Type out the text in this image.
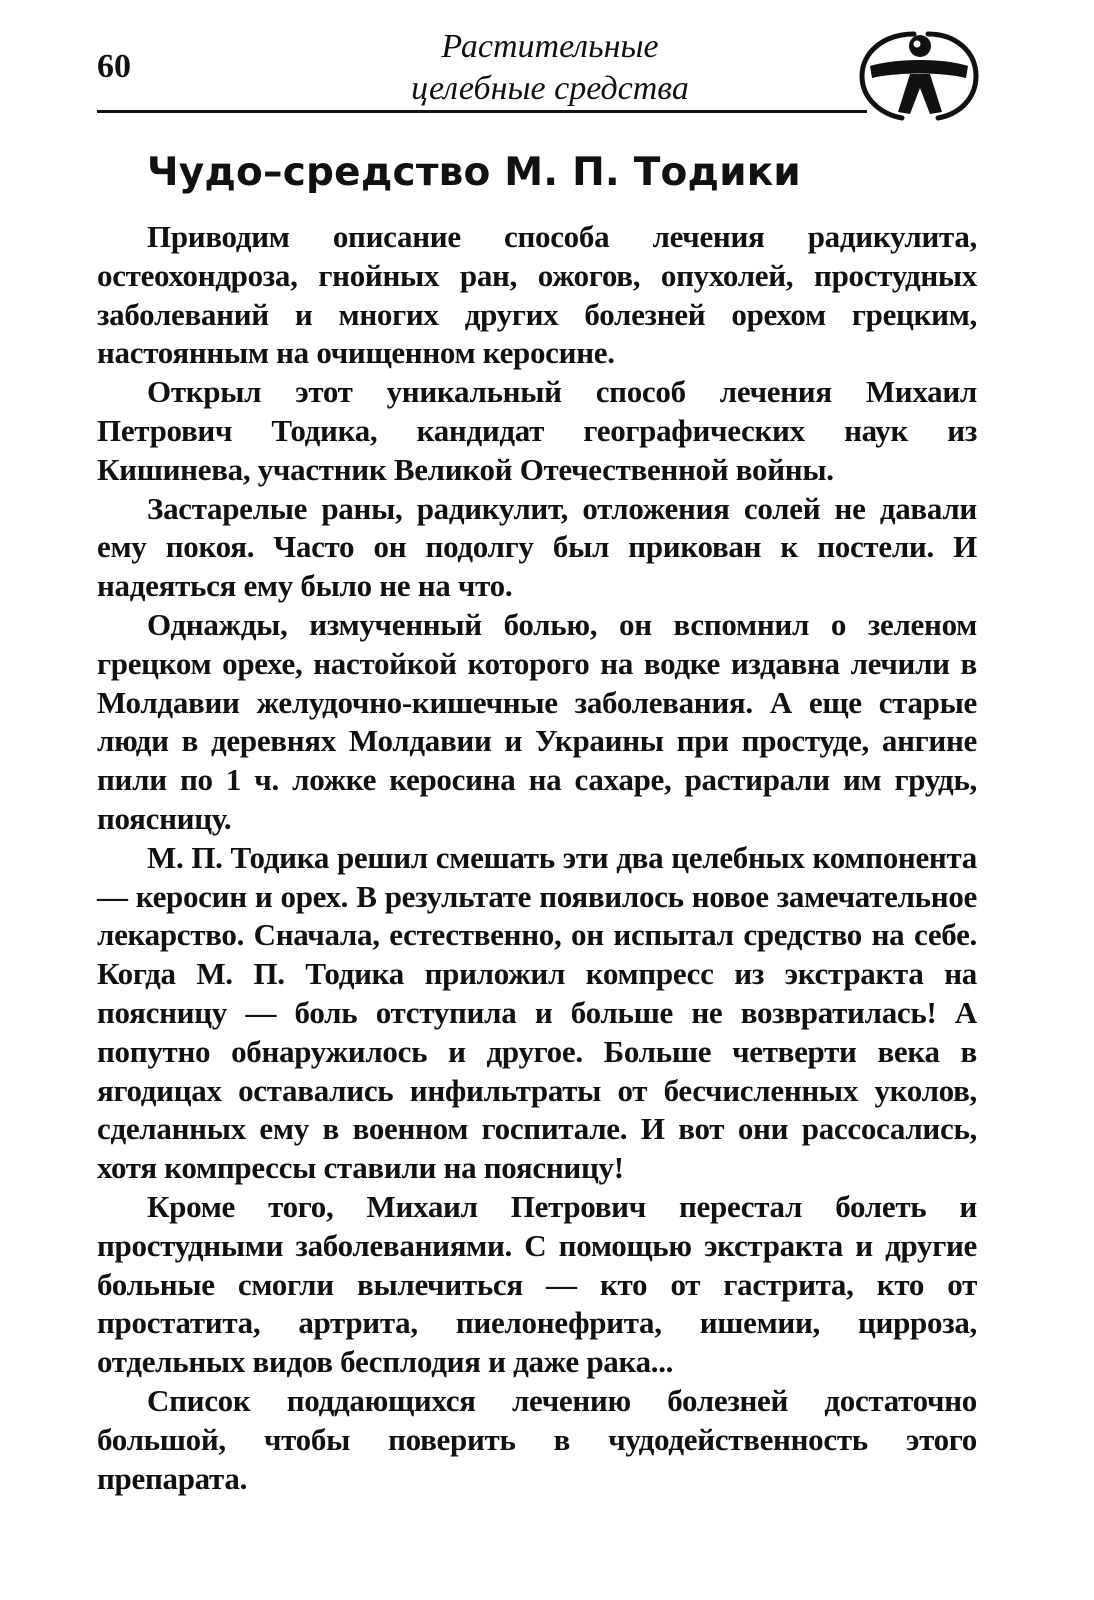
60
Растительные
целебные средства
Чудо–средство М. П. Тодики

Приводим описание способа лечения радикулита, остеохондроза, гнойных ран, ожогов, опухолей, простудных заболеваний и многих других болезней орехом грецким, настоянным на очищенном керосине.

Открыл этот уникальный способ лечения Михаил Петрович Тодика, кандидат географических наук из Кишинева, участник Великой Отечественной войны.

Застарелые раны, радикулит, отложения солей не давали ему покоя. Часто он подолгу был прикован к постели. И надеяться ему было не на что.

Однажды, измученный болью, он вспомнил о зеленом грецком орехе, настойкой которого на водке издавна лечили в Молдавии желудочно-кишечные заболевания. А еще старые люди в деревнях Молдавии и Украины при простуде, ангине пили по 1 ч. ложке керосина на сахаре, растирали им грудь, поясницу.

М. П. Тодика решил смешать эти два целебных компонента — керосин и орех. В результате появилось новое замечательное лекарство. Сначала, естественно, он испытал средство на себе. Когда М. П. Тодика приложил компресс из экстракта на поясницу — боль отступила и больше не возвратилась! А попутно обнаружилось и другое. Больше четверти века в ягодицах оставались инфильтраты от бесчисленных уколов, сделанных ему в военном госпитале. И вот они рассосались, хотя компрессы ставили на поясницу!

Кроме того, Михаил Петрович перестал болеть и простудными заболеваниями. С помощью экстракта и другие больные смогли вылечиться — кто от гастрита, кто от простатита, артрита, пиелонефрита, ишемии, цирроза, отдельных видов бесплодия и даже рака...

Список поддающихся лечению болезней достаточно большой, чтобы поверить в чудодейственность этого препарата.
